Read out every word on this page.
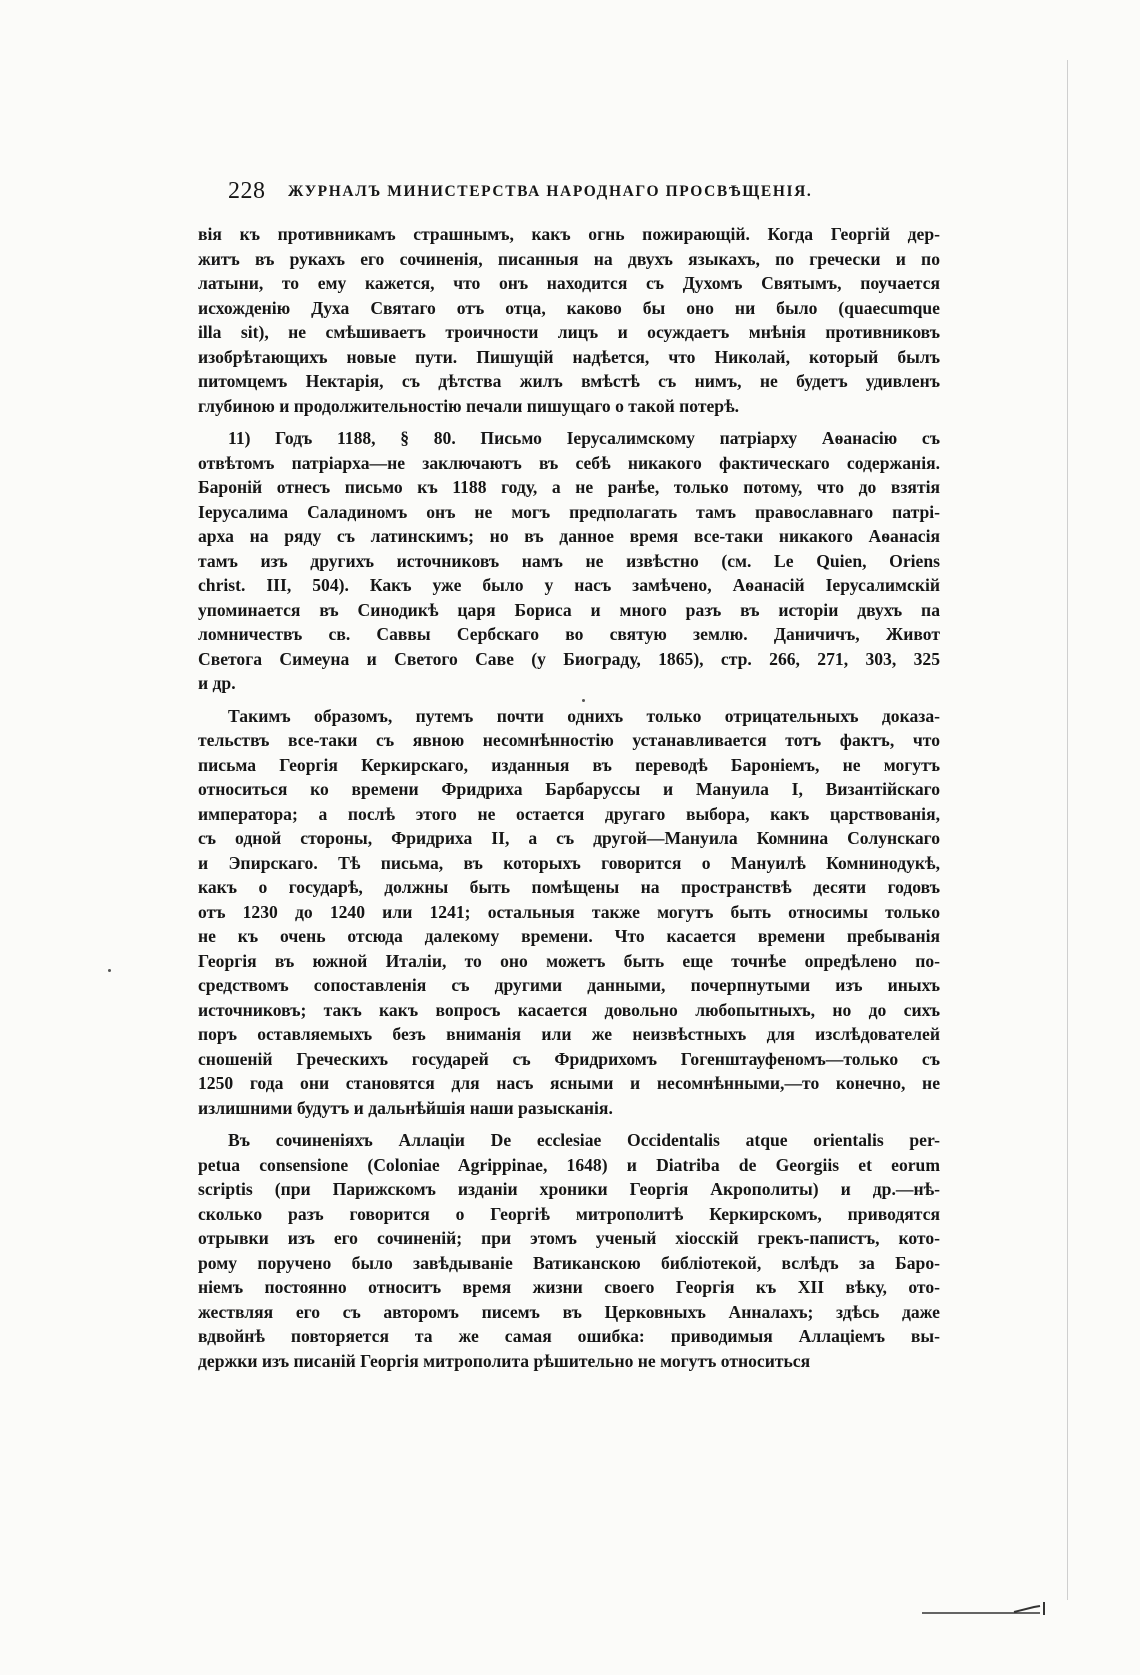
228 ЖУРНАЛЪ МИНИСТЕРСТВА НАРОДНАГО ПРОСВѢЩЕНІЯ.
вія къ противникамъ страшнымъ, какъ огнь пожирающій. Когда Георгій дер-
житъ въ рукахъ его сочиненія, писанныя на двухъ языкахъ, по гречески и по
латыни, то ему кажется, что онъ находится съ Духомъ Святымъ, поучается
исхожденію Духа Святаго отъ отца, каково бы оно ни было (quaecumque
illa sit), не смѣшиваетъ троичности лицъ и осуждаетъ мнѣнія противниковъ
изобрѣтающихъ новые пути. Пишущій надѣется, что Николай, который былъ
питомцемъ Нектарія, съ дѣтства жилъ вмѣстѣ съ нимъ, не будетъ удивленъ
глубиною и продолжительностію печали пишущаго о такой потерѣ.
11) Годъ 1188, § 80. Письмо Іерусалимскому патріарху Аѳанасію съ
отвѣтомъ патріарха—не заключаютъ въ себѣ никакого фактическаго содержанія.
Бароній отнесъ письмо къ 1188 году, а не ранѣе, только потому, что до взятія
Іерусалима Саладиномъ онъ не могъ предполагать тамъ православнаго патрі-
арха на ряду съ латинскимъ; но въ данное время все-таки никакого Аѳанасія
тамъ изъ другихъ источниковъ намъ не извѣстно (см. Le Quien, Oriens
christ. III, 504). Какъ уже было у насъ замѣчено, Аѳанасій Іерусалимскій
упоминается въ Синодикѣ царя Бориса и много разъ въ исторіи двухъ па
ломничествъ св. Саввы Сербскаго во святую землю. Даничичъ, Живот
Светога Симеуна и Светого Саве (у Биограду, 1865), стр. 266, 271, 303, 325
и др.
Такимъ образомъ, путемъ почти однихъ только отрицательныхъ доказа-
тельствъ все-таки съ явною несомнѣнностію устанавливается тотъ фактъ, что
письма Георгія Керкирскаго, изданныя въ переводѣ Бароніемъ, не могутъ
относиться ко времени Фридриха Барбаруссы и Мануила I, Византійскаго
императора; а послѣ этого не остается другаго выбора, какъ царствованія,
съ одной стороны, Фридриха II, а съ другой—Мануила Комнина Солунскаго
и Эпирскаго. Тѣ письма, въ которыхъ говорится о Мануилѣ Комнинодукѣ,
какъ о государѣ, должны быть помѣщены на пространствѣ десяти годовъ
отъ 1230 до 1240 или 1241; остальныя также могутъ быть относимы только
не къ очень отсюда далекому времени. Что касается времени пребыванія
Георгія въ южной Италіи, то оно можетъ быть еще точнѣе опредѣлено по-
средствомъ сопоставленія съ другими данными, почерпнутыми изъ иныхъ
источниковъ; такъ какъ вопросъ касается довольно любопытныхъ, но до сихъ
поръ оставляемыхъ безъ вниманія или же неизвѣстныхъ для изслѣдователей
сношеній Греческихъ государей съ Фридрихомъ Гогенштауфеномъ—только съ
1250 года они становятся для насъ ясными и несомнѣнными,—то конечно, не
излишними будутъ и дальнѣйшія наши разысканія.
Въ сочиненіяхъ Аллаціи De ecclesiae Occidentalis atque orientalis per-
petua consensione (Coloniae Agrippinae, 1648) и Diatriba de Georgiis et eorum
scriptis (при Парижскомъ изданіи хроники Георгія Акрополиты) и др.—нѣ-
сколько разъ говорится о Георгіѣ митрополитѣ Керкирскомъ, приводятся
отрывки изъ его сочиненій; при этомъ ученый хіосскій грекъ-папистъ, кото-
рому поручено было завѣдываніе Ватиканскою библіотекой, вслѣдъ за Баро-
ніемъ постоянно относитъ время жизни своего Георгія къ XII вѣку, ото-
жествляя его съ авторомъ писемъ въ Церковныхъ Анналахъ; здѣсь даже
вдвойнѣ повторяется та же самая ошибка: приводимыя Аллаціемъ вы-
держки изъ писаній Георгія митрополита рѣшительно не могутъ относиться
